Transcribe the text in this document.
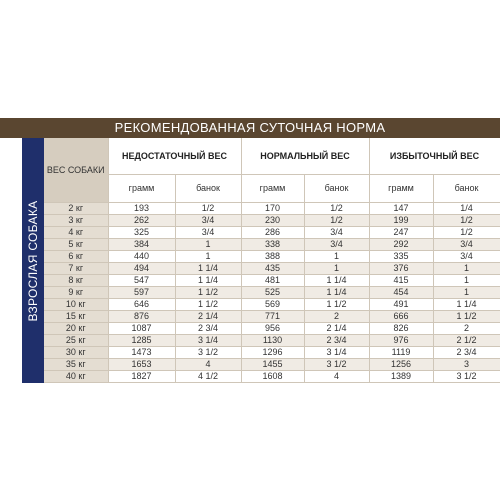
РЕКОМЕНДОВАННАЯ СУТОЧНАЯ НОРМА
ВЗРОСЛАЯ СОБАКА
ВЕС СОБАКИ	НЕДОСТАТОЧНЫЙ ВЕС		НОРМАЛЬНЫЙ ВЕС		ИЗБЫТОЧНЫЙ ВЕС	
	грамм	банок	грамм	банок	грамм	банок
2 кг	193	1/2	170	1/2	147	1/4
3 кг	262	3/4	230	1/2	199	1/2
4 кг	325	3/4	286	3/4	247	1/2
5 кг	384	1	338	3/4	292	3/4
6 кг	440	1	388	1	335	3/4
7 кг	494	1 1/4	435	1	376	1
8 кг	547	1 1/4	481	1 1/4	415	1
9 кг	597	1 1/2	525	1 1/4	454	1
10 кг	646	1 1/2	569	1 1/2	491	1 1/4
15 кг	876	2 1/4	771	2	666	1 1/2
20 кг	1087	2 3/4	956	2 1/4	826	2
25 кг	1285	3 1/4	1130	2 3/4	976	2 1/2
30 кг	1473	3 1/2	1296	3 1/4	1119	2 3/4
35 кг	1653	4	1455	3 1/2	1256	3
40 кг	1827	4 1/2	1608	4	1389	3 1/2
